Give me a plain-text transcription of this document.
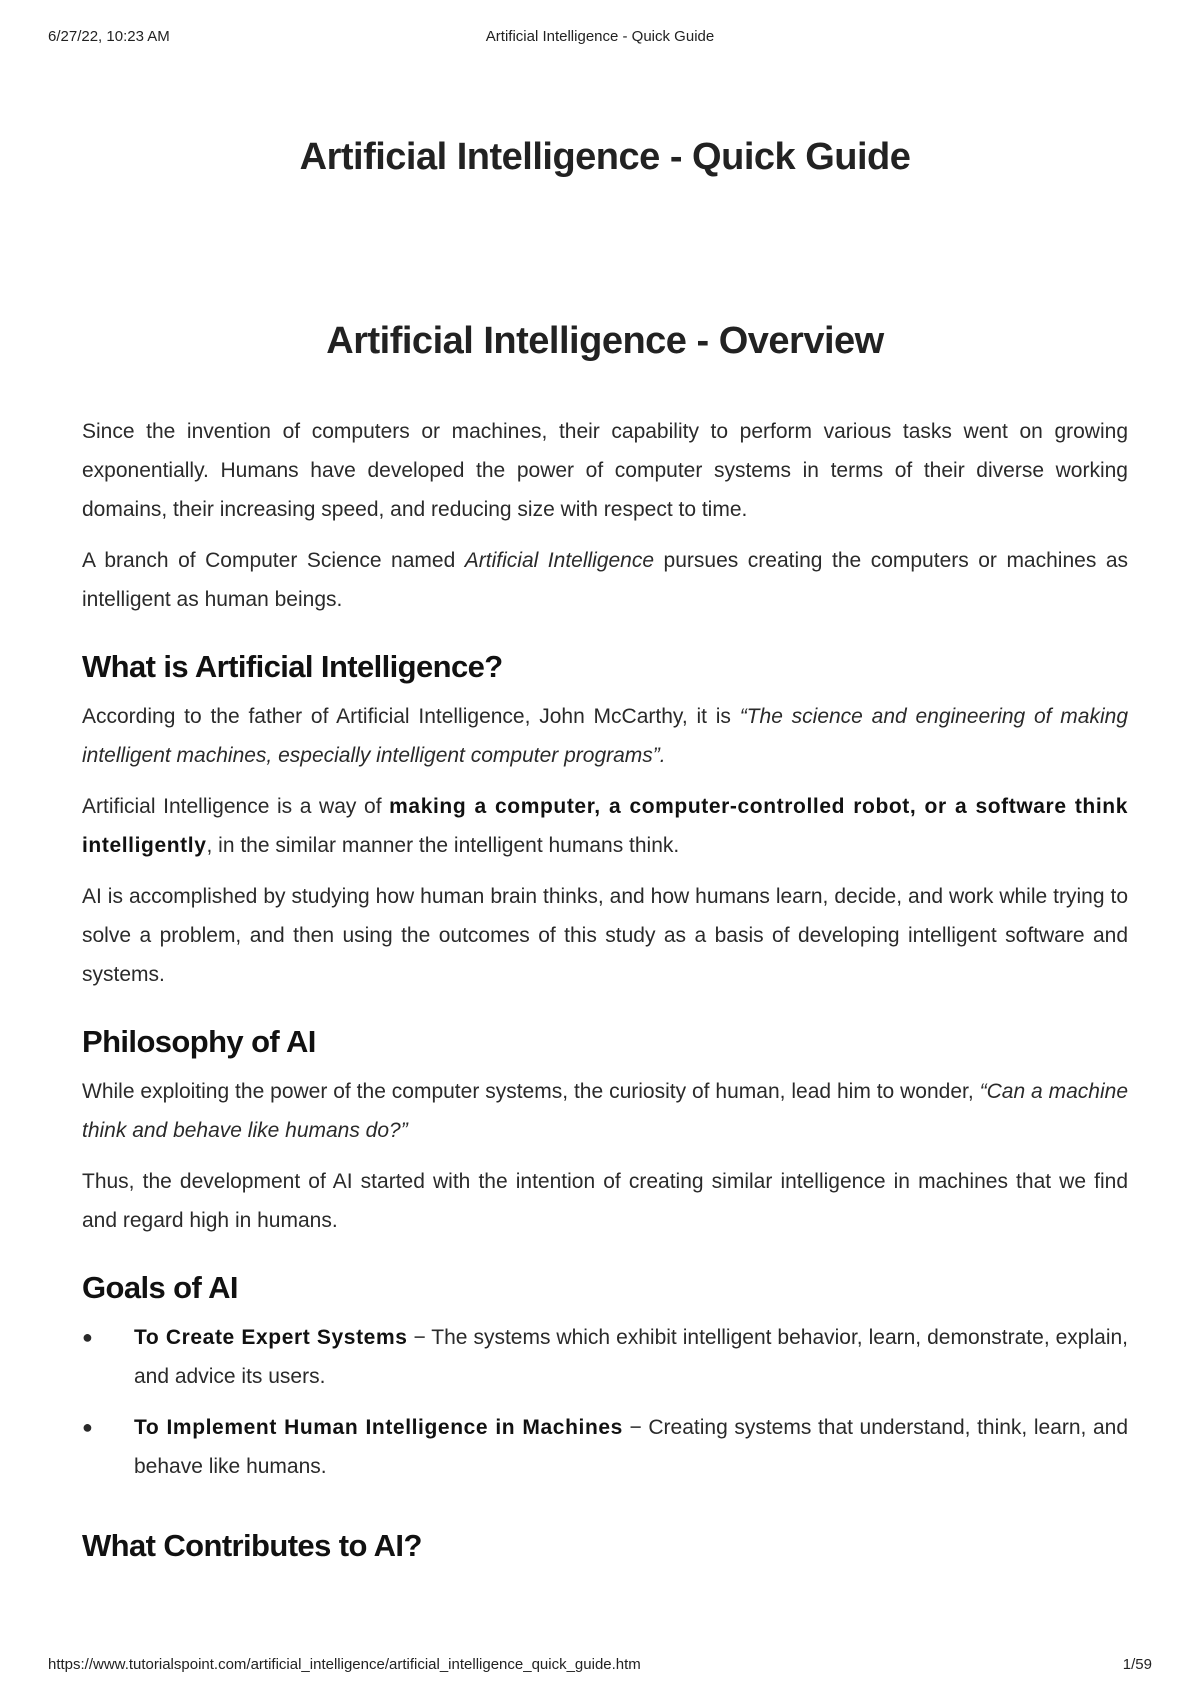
6/27/22, 10:23 AM	Artificial Intelligence - Quick Guide
Artificial Intelligence - Quick Guide
Artificial Intelligence - Overview

Since the invention of computers or machines, their capability to perform various tasks went on growing exponentially. Humans have developed the power of computer systems in terms of their diverse working domains, their increasing speed, and reducing size with respect to time.

A branch of Computer Science named Artificial Intelligence pursues creating the computers or machines as intelligent as human beings.

What is Artificial Intelligence?

According to the father of Artificial Intelligence, John McCarthy, it is “The science and engineering of making intelligent machines, especially intelligent computer programs”.

Artificial Intelligence is a way of making a computer, a computer-controlled robot, or a software think intelligently, in the similar manner the intelligent humans think.

AI is accomplished by studying how human brain thinks, and how humans learn, decide, and work while trying to solve a problem, and then using the outcomes of this study as a basis of developing intelligent software and systems.

Philosophy of AI

While exploiting the power of the computer systems, the curiosity of human, lead him to wonder, “Can a machine think and behave like humans do?”

Thus, the development of AI started with the intention of creating similar intelligence in machines that we find and regard high in humans.

Goals of AI
● To Create Expert Systems − The systems which exhibit intelligent behavior, learn, demonstrate, explain, and advice its users.
● To Implement Human Intelligence in Machines − Creating systems that understand, think, learn, and behave like humans.
What Contributes to AI?
https://www.tutorialspoint.com/artificial_intelligence/artificial_intelligence_quick_guide.htm	1/59
